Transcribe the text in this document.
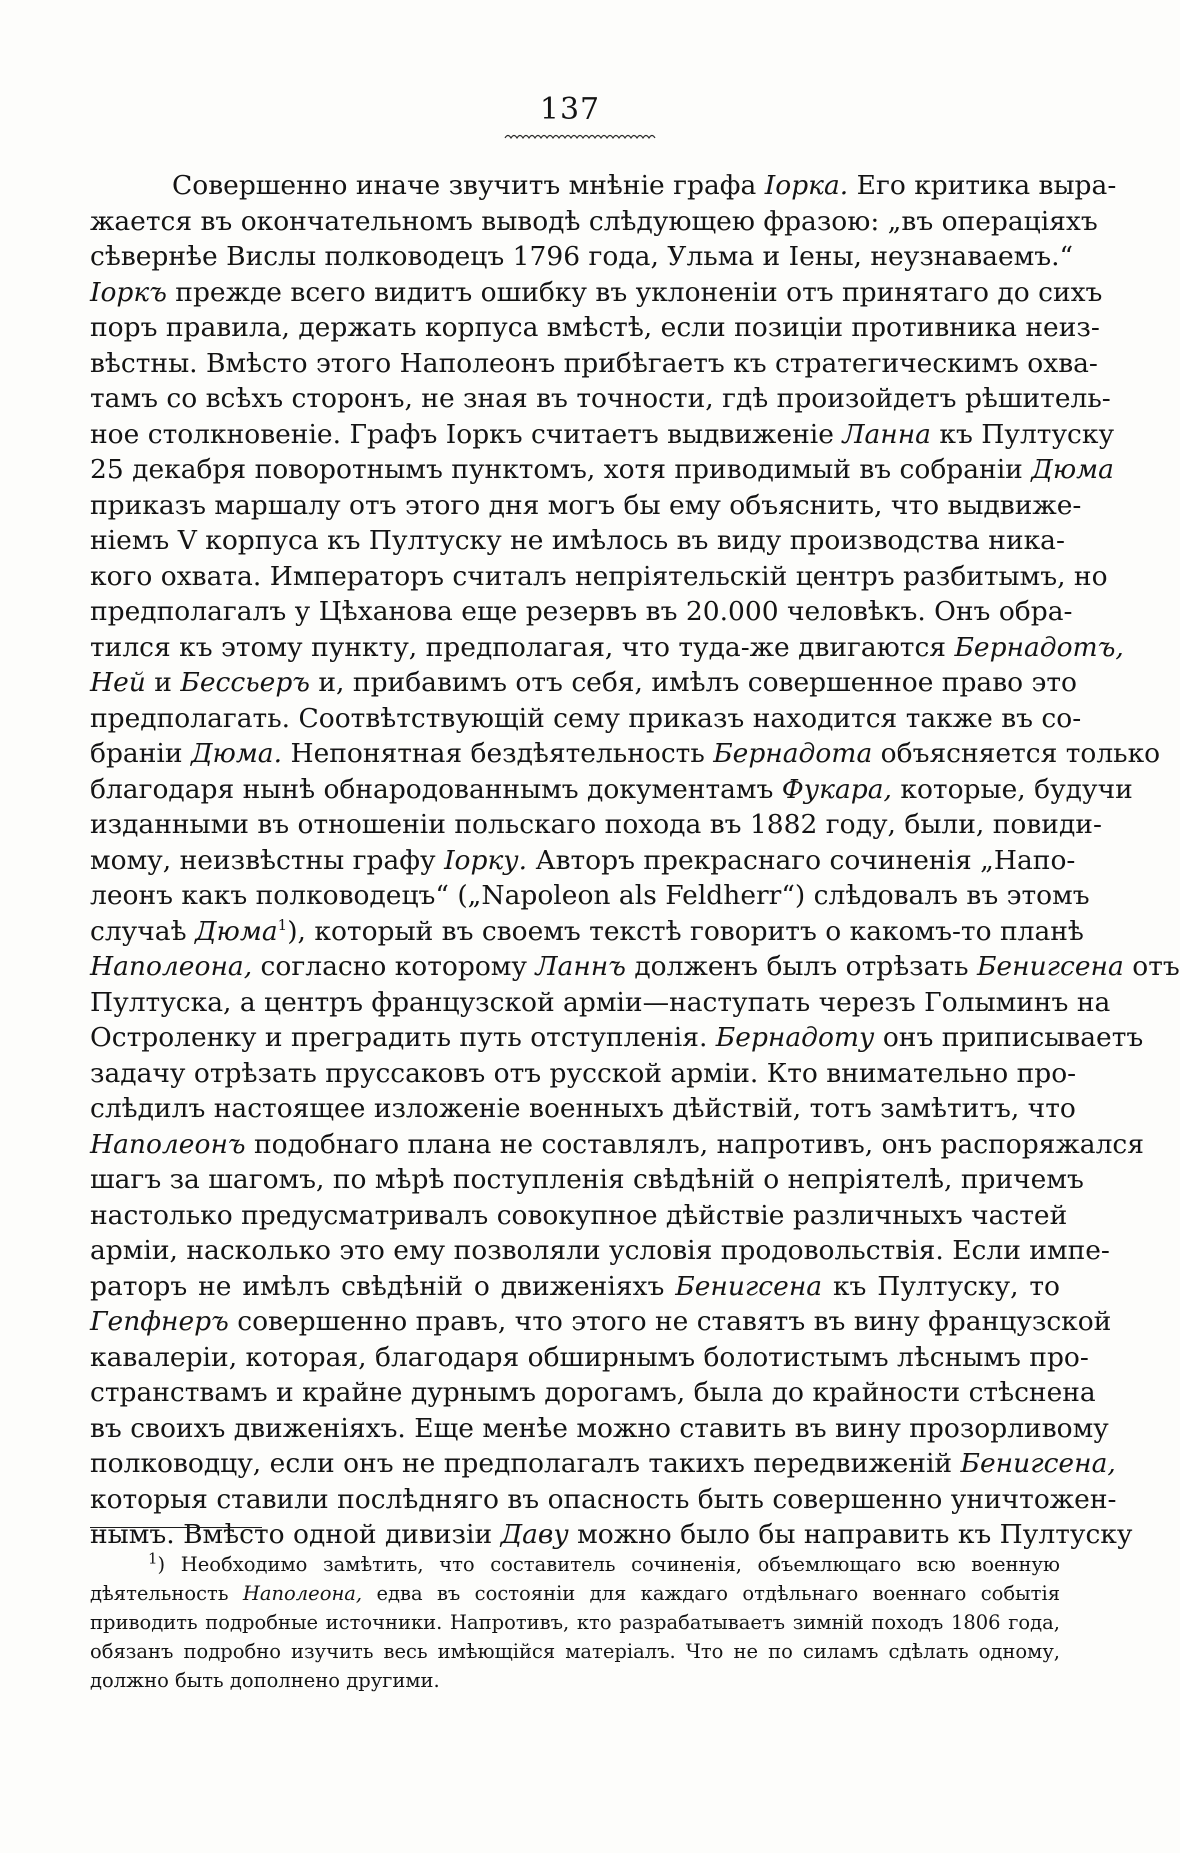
137
Совершенно иначе звучитъ мнѣніе графа Iорка. Его критика выра-
жается въ окончательномъ выводѣ слѣдующею фразою: „въ операціяхъ
сѣвернѣе Вислы полководецъ 1796 года, Ульма и Iены, неузнаваемъ.“
Iоркъ прежде всего видитъ ошибку въ уклоненіи отъ принятаго до сихъ
поръ правила, держать корпуса вмѣстѣ, если позиціи противника неиз-
вѣстны. Вмѣсто этого Наполеонъ прибѣгаетъ къ стратегическимъ охва-
тамъ со всѣхъ сторонъ, не зная въ точности, гдѣ произойдетъ рѣшитель-
ное столкновеніе. Графъ Iоркъ считаетъ выдвиженіе Ланна къ Пултуску
25 декабря поворотнымъ пунктомъ, хотя приводимый въ собраніи Дюма
приказъ маршалу отъ этого дня могъ бы ему объяснить, что выдвиже-
ніемъ V корпуса къ Пултуску не имѣлось въ виду производства никa-
кого охвата. Императоръ считалъ непріятельскій центръ разбитымъ, но
предполагалъ у Цѣханова еще резервъ въ 20.000 человѣкъ. Онъ обра-
тился къ этому пункту, предполагая, что туда-же двигаются Бернадотъ,
Ней и Бессьеръ и, прибавимъ отъ себя, имѣлъ совершенное право это
предполагать. Соотвѣтствующій сему приказъ находится также въ со-
браніи Дюма. Непонятная бездѣятельность Бернадота объясняется только
благодаря нынѣ обнародованнымъ документамъ Фукара, которые, будучи
изданными въ отношеніи польскаго похода въ 1882 году, были, повиди-
мому, неизвѣстны графу Iорку. Авторъ прекраснаго сочиненія „Напо-
леонъ какъ полководецъ“ („Napoleon als Feldherr“) слѣдовалъ въ этомъ
случаѣ Дюма$^1$), который въ своемъ текстѣ говоритъ о какомъ-то планѣ
Наполеона, согласно которому Ланнъ долженъ былъ отрѣзать Бенигсена отъ
Пултуска, а центръ французской арміи—наступать черезъ Голыминъ на
Остроленку и преградить путь отступленія. Бернадоту онъ приписываетъ
задачу отрѣзать пруссаковъ отъ русской арміи. Кто внимательно про-
слѣдилъ настоящее изложеніе военныхъ дѣйствій, тотъ замѣтитъ, что
Наполеонъ подобнаго плана не составлялъ, напротивъ, онъ распоряжался
шагъ за шагомъ, по мѣрѣ поступленія свѣдѣній о непріятелѣ, причемъ
настолько предусматривалъ совокупное дѣйствіе различныхъ частей
арміи, насколько это ему позволяли условія продовольствія. Если импе-
раторъ не имѣлъ свѣдѣній о движеніяхъ Бенигсена къ Пултуску, то
Гепфнеръ совершенно правъ, что этого не ставятъ въ вину французской
кавалеріи, которая, благодаря обширнымъ болотистымъ лѣснымъ про-
странствамъ и крайне дурнымъ дорогамъ, была до крайности стѣснена
въ своихъ движеніяхъ. Еще менѣе можно ставить въ вину прозорливому
полководцу, если онъ не предполагалъ такихъ передвиженій Бенигсена,
которыя ставили послѣдняго въ опасность быть совершенно уничтожен-
нымъ. Вмѣсто одной дивизіи Даву можно было бы направить къ Пултуску
$^1$) Необходимо замѣтить, что составитель сочиненія, объемлющаго всю военную
дѣятельность Наполеона, едва въ состояніи для каждаго отдѣльнаго военнаго событія
приводить подробные источники. Напротивъ, кто разрабатываетъ зимній походъ 1806 года,
обязанъ подробно изучить весь имѣющійся матеріалъ. Что не по силамъ сдѣлать одному,
должно быть дополнено другими.
